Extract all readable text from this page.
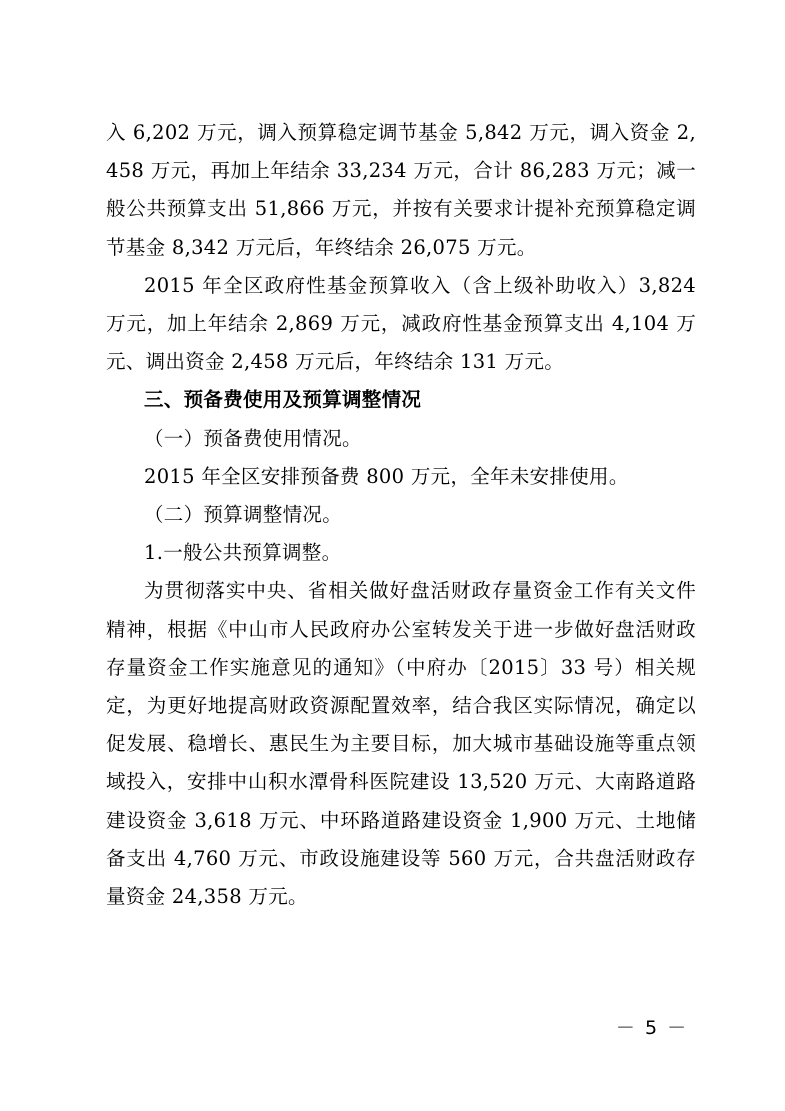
入 6,202 万元，调入预算稳定调节基金 5,842 万元，调入资金 2,458 万元，再加上年结余 33,234 万元，合计 86,283 万元；减一般公共预算支出 51,866 万元，并按有关要求计提补充预算稳定调节基金 8,342 万元后，年终结余 26,075 万元。

2015 年全区政府性基金预算收入（含上级补助收入）3,824 万元，加上年结余 2,869 万元，减政府性基金预算支出 4,104 万元、调出资金 2,458 万元后，年终结余 131 万元。

三、预备费使用及预算调整情况

（一）预备费使用情况。

2015 年全区安排预备费 800 万元，全年未安排使用。

（二）预算调整情况。

1.一般公共预算调整。

为贯彻落实中央、省相关做好盘活财政存量资金工作有关文件精神，根据《中山市人民政府办公室转发关于进一步做好盘活财政存量资金工作实施意见的通知》（中府办〔2015〕33 号）相关规定，为更好地提高财政资源配置效率，结合我区实际情况，确定以促发展、稳增长、惠民生为主要目标，加大城市基础设施等重点领域投入，安排中山积水潭骨科医院建设 13,520 万元、大南路道路建设资金 3,618 万元、中环路道路建设资金 1,900 万元、土地储备支出 4,760 万元、市政设施建设等 560 万元，合共盘活财政存量资金 24,358 万元。

－ 5 －
